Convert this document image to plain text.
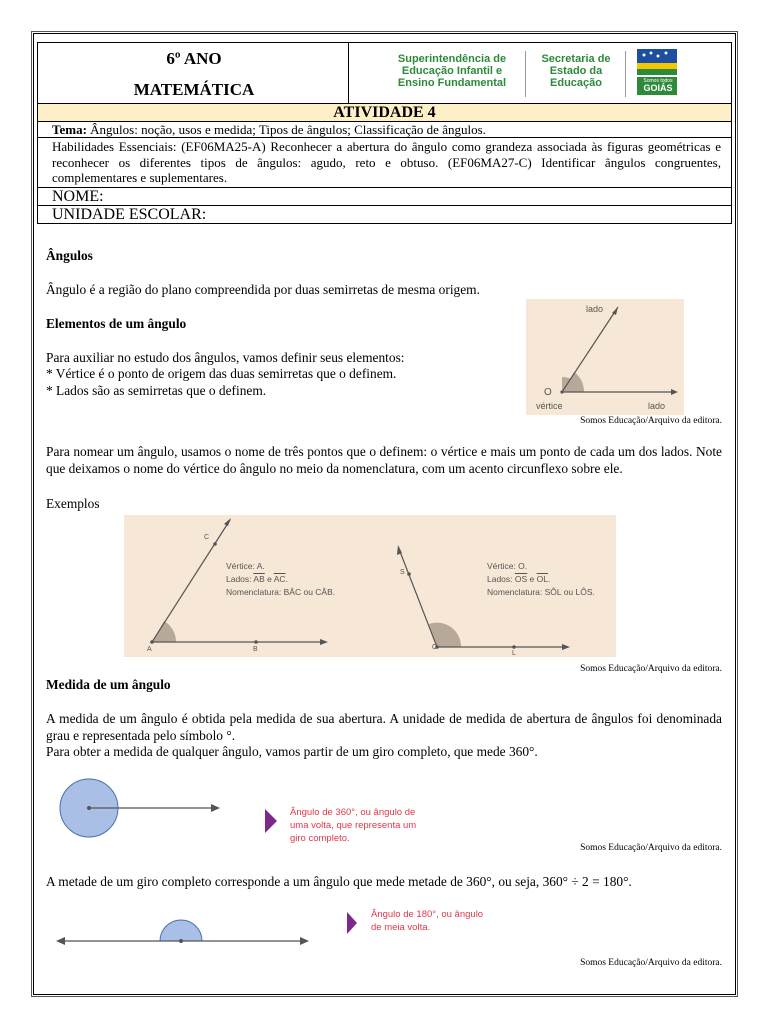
6º ANO
MATEMÁTICA
Superintendência de
Educação Infantil e
Ensino Fundamental
Secretaria de
Estado da
Educação	Somos todos
GOIÁS
ATIVIDADE 4
Tema: Ângulos: noção, usos e medida; Tipos de ângulos; Classificação de ângulos.
Habilidades Essenciais: (EF06MA25-A) Reconhecer a abertura do ângulo como grandeza associada às figuras geométricas e reconhecer os diferentes tipos de ângulos: agudo, reto e obtuso. (EF06MA27-C) Identificar ângulos congruentes, complementares e suplementares.
NOME:
UNIDADE ESCOLAR:

Ângulos

Ângulo é a região do plano compreendida por duas semirretas de mesma origem.

Elementos de um ângulo

Para auxiliar no estudo dos ângulos, vamos definir seus elementos:

* Vértice é o ponto de origem das duas semirretas que o definem.

* Lados são as semirretas que o definem.

lado
O
vértice	lado
Somos Educação/Arquivo da editora.

Para nomear um ângulo, usamos o nome de três pontos que o definem: o vértice e mais um ponto de cada um dos lados. Note que deixamos o nome do vértice do ângulo no meio da nomenclatura, com um acento circunflexo sobre ele.

Exemplos

C
A	B
Vértice: A.
Lados: $\overline{AB}$ e $\overline{AC}$.
Nomenclatura: BÂC ou CÂB.
S
O
L
Vértice: O.
Lados: $\overline{OS}$ e $\overline{OL}$.
Nomenclatura: SÔL ou LÔS.
Somos Educação/Arquivo da editora.

Medida de um ângulo

A medida de um ângulo é obtida pela medida de sua abertura. A unidade de medida de abertura de ângulos foi denominada grau e representada pelo símbolo °.

Para obter a medida de qualquer ângulo, vamos partir de um giro completo, que mede 360°.

Ângulo de 360°, ou ângulo de
uma volta, que representa um
giro completo.
Somos Educação/Arquivo da editora.

A metade de um giro completo corresponde a um ângulo que mede metade de 360°, ou seja, 360° ÷ 2 = 180°.

Ângulo de 180°, ou ângulo
de meia volta.
Somos Educação/Arquivo da editora.
